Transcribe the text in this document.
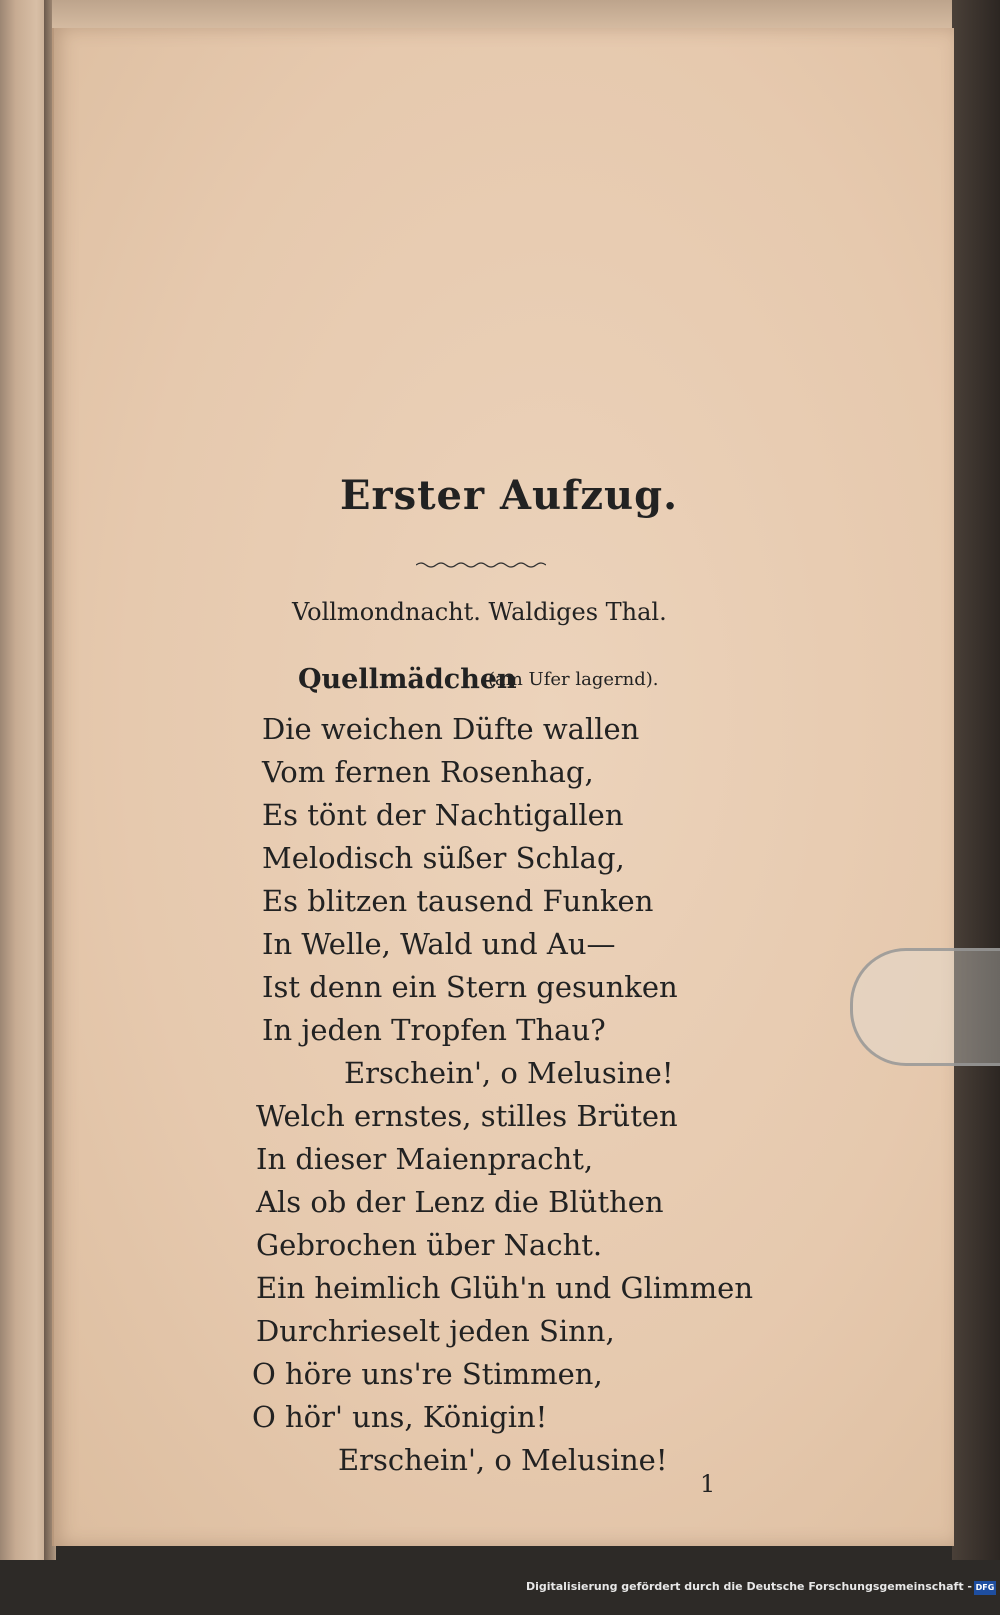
Erster Aufzug.
Vollmondnacht. Waldiges Thal.
Quellmädchen
(am Ufer lagernd).
Die weichen Düfte wallen
Vom fernen Rosenhag,
Es tönt der Nachtigallen
Melodisch süßer Schlag,
Es blitzen tausend Funken
In Welle, Wald und Au—
Ist denn ein Stern gesunken
In jeden Tropfen Thau?
Erschein', o Melusine!
Welch ernstes, stilles Brüten
In dieser Maienpracht,
Als ob der Lenz die Blüthen
Gebrochen über Nacht.
Ein heimlich Glüh'n und Glimmen
Durchrieselt jeden Sinn,
O höre uns're Stimmen,
O hör' uns, Königin!
Erschein', o Melusine!
1
Digitalisierung gefördert durch die Deutsche Forschungsgemeinschaft - DFG
